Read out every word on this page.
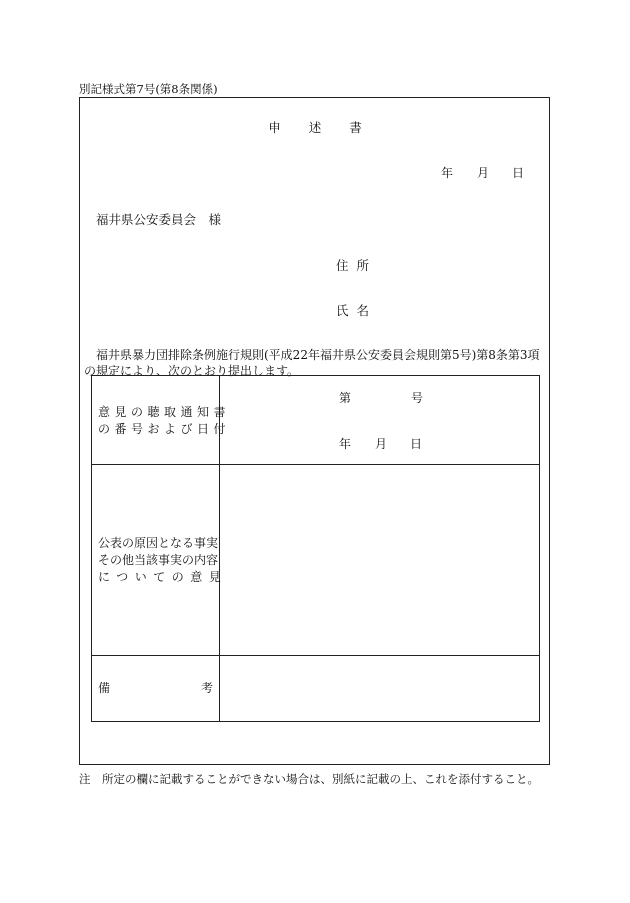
別記様式第7号(第8条関係)
申 述 書
年 月 日
福井県公安委員会　様
住 所
氏 名
福井県暴力団排除条例施行規則(平成22年福井県公安委員会規則第5号)第8条第3項の規定により、次のとおり提出します。
意見の聴取通知書
の番号および日付
第	号
年 月 日
公表の原因となる事実
その他当該事実の内容
についての意見
備	考
注　所定の欄に記載することができない場合は、別紙に記載の上、これを添付すること。
